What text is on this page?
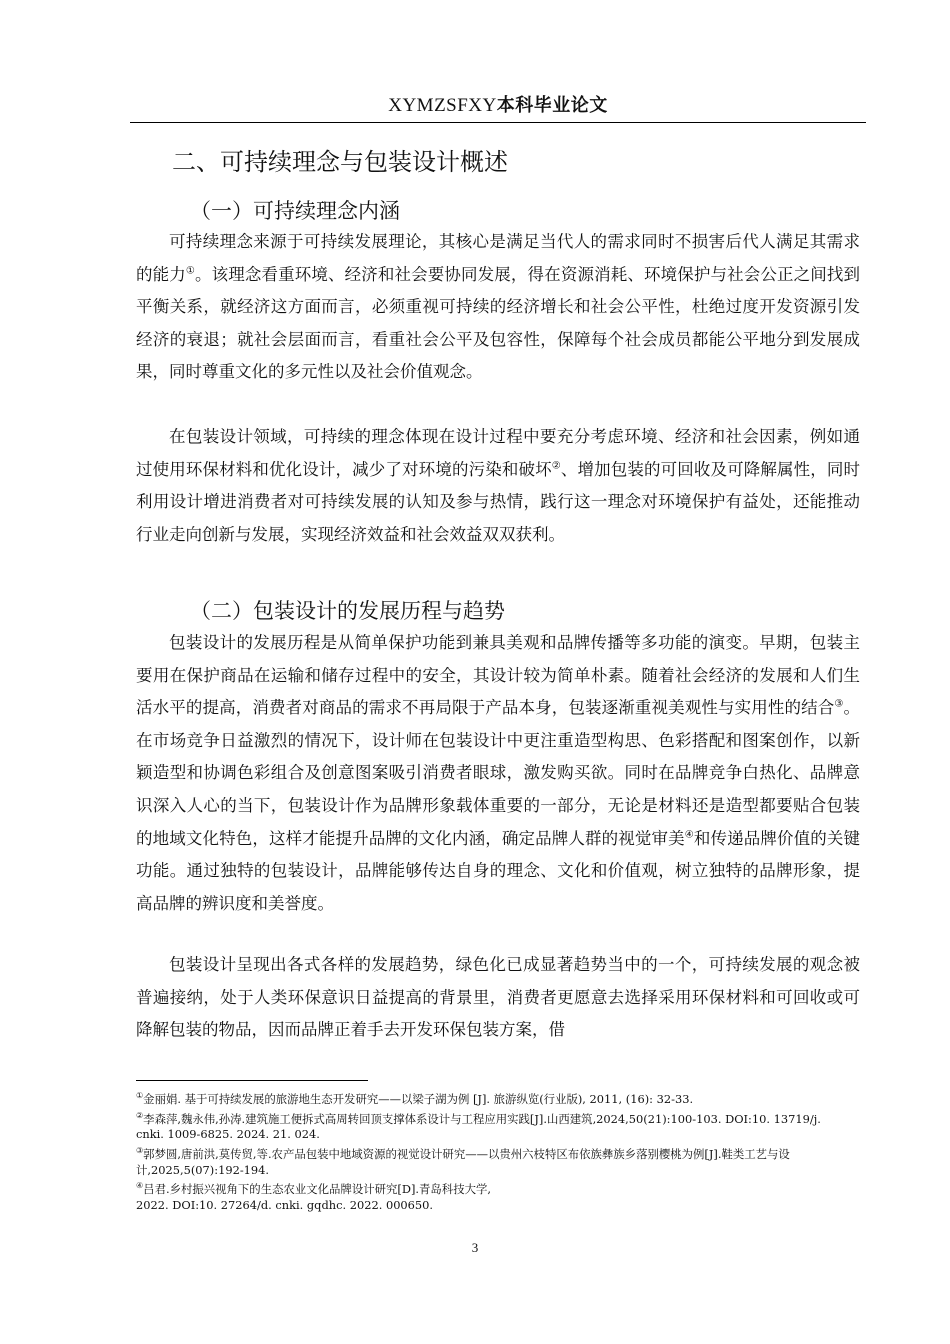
XYMZSFXY本科毕业论文
二、可持续理念与包装设计概述
（一）可持续理念内涵

可持续理念来源于可持续发展理论，其核心是满足当代人的需求同时不损害后代人满足其需求的能力①。该理念看重环境、经济和社会要协同发展，得在资源消耗、环境保护与社会公正之间找到平衡关系，就经济这方面而言，必须重视可持续的经济增长和社会公平性，杜绝过度开发资源引发经济的衰退；就社会层面而言，看重社会公平及包容性，保障每个社会成员都能公平地分到发展成果，同时尊重文化的多元性以及社会价值观念。

在包装设计领域，可持续的理念体现在设计过程中要充分考虑环境、经济和社会因素，例如通过使用环保材料和优化设计，减少了对环境的污染和破坏②、增加包装的可回收及可降解属性，同时利用设计增进消费者对可持续发展的认知及参与热情，践行这一理念对环境保护有益处，还能推动行业走向创新与发展，实现经济效益和社会效益双双获利。

（二）包装设计的发展历程与趋势

包装设计的发展历程是从简单保护功能到兼具美观和品牌传播等多功能的演变。早期，包装主要用在保护商品在运输和储存过程中的安全，其设计较为简单朴素。随着社会经济的发展和人们生活水平的提高，消费者对商品的需求不再局限于产品本身，包装逐渐重视美观性与实用性的结合③。在市场竞争日益激烈的情况下，设计师在包装设计中更注重造型构思、色彩搭配和图案创作，以新颖造型和协调色彩组合及创意图案吸引消费者眼球，激发购买欲。同时在品牌竞争白热化、品牌意识深入人心的当下，包装设计作为品牌形象载体重要的一部分，无论是材料还是造型都要贴合包装的地域文化特色，这样才能提升品牌的文化内涵，确定品牌人群的视觉审美④和传递品牌价值的关键功能。通过独特的包装设计，品牌能够传达自身的理念、文化和价值观，树立独特的品牌形象，提高品牌的辨识度和美誉度。

包装设计呈现出各式各样的发展趋势，绿色化已成显著趋势当中的一个，可持续发展的观念被普遍接纳，处于人类环保意识日益提高的背景里，消费者更愿意去选择采用环保材料和可回收或可降解包装的物品，因而品牌正着手去开发环保包装方案，借

①金丽娟. 基于可持续发展的旅游地生态开发研究——以梁子湖为例 [J]. 旅游纵览(行业版), 2011, (16): 32-33.

②李森萍,魏永伟,孙涛.建筑施工便拆式高周转回顶支撑体系设计与工程应用实践[J].山西建筑,2024,50(21):100-103. DOI:10. 13719/j. cnki. 1009-6825. 2024. 21. 024.

③郭梦圆,唐前洪,莫传贸,等.农产品包装中地域资源的视觉设计研究——以贵州六枝特区布依族彝族乡落别樱桃为例[J].鞋类工艺与设计,2025,5(07):192-194.

④吕君.乡村振兴视角下的生态农业文化品牌设计研究[D].青岛科技大学,

2022. DOI:10. 27264/d. cnki. gqdhc. 2022. 000650.

3
